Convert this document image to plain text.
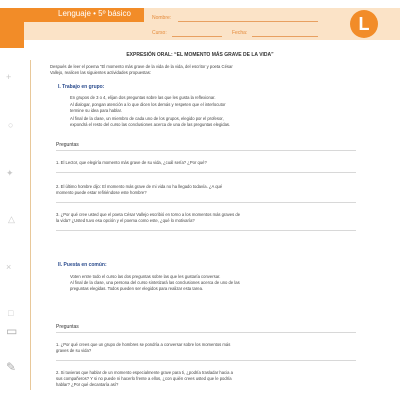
Lenguaje • 5º básico	Nombre:
Curso:	Fecha:	L
+
○
✦
△
×
□
▭
✎
EXPRESIÓN ORAL: “EL MOMENTO MÁS GRAVE DE LA VIDA”
Después de leer el poema “El momento más grave de la vida de la vida, del escritor y poeta César
Vallejo, realicen las siguientes actividades propuestas:
I. Trabajo en grupo:
En grupos de 3 o 4, elijan dos preguntas sobre las que les gusta la reflexionar.
Al dialogar, pongan atención a lo que dicen los demás y respeten que el interlocutor
termine su idea para hablar.
Al final de la clase, un miembro de cada uno de los grupos, elegido por el profesor,
expondrá el resto del curso las conclusiones acerca de una de las preguntas elegidas.
Preguntas
1. El Lector, que elegiría momento más grave de su vida, ¿cuál sería? ¿Por qué?
2. El último hombre dijo: El momento más grave de mi vida no ha llegado todavía. ¿A qué
momento puede estar refiriéndose este hombre?
3. ¿Por qué cree usted que el poeta César Vallejo escribió en torno a los momentos más graves de
la vida? ¿Usted tuvo esa opción y el poema como este, ¿qué lo motivaría?
II. Puesta en común:
Voten entre todo el curso las dos preguntas sobre las que les gustaría conversar.
Al final de la clase, una persona del curso sintetizará las conclusiones acerca de uno de las
preguntas elegidas. Todos pueden ser elegidos para realizar esta tarea.
Preguntas
1. ¿Por qué crees que un grupo de hombres se pondría a conversar sobre los momentos más
graves de su vida?
2. Si tuvieras que hablar de un momento especialmente grave para ti, ¿podría trasladar hacia a
sus compañeros? Y si no puede ni hacerlo frente a ellos, ¿con quién crees usted que le podría
hablar? ¿Por qué decantaría así?
